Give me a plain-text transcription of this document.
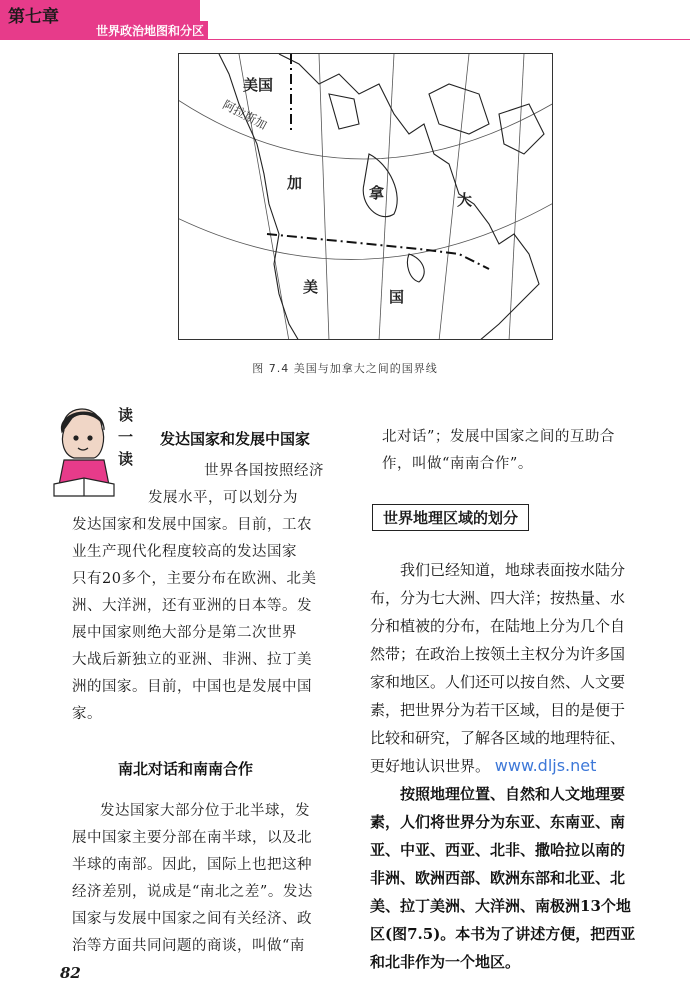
第七章
世界政治地图和分区
美国
阿拉斯加
加
拿	大
美
国
图 7.4 美国与加拿大之间的国界线
读
一
读
发达国家和发展中国家
世界各国按照经济
发展水平，可以划分为
发达国家和发展中国家。目前，工农
业生产现代化程度较高的发达国家
只有20多个，主要分布在欧洲、北美
洲、大洋洲，还有亚洲的日本等。发
展中国家则绝大部分是第二次世界
大战后新独立的亚洲、非洲、拉丁美
洲的国家。目前，中国也是发展中国
家。
南北对话和南南合作
发达国家大部分位于北半球，发
展中国家主要分部在南半球，以及北
半球的南部。因此，国际上也把这种
经济差别，说成是“南北之差”。发达
国家与发展中国家之间有关经济、政
治等方面共同问题的商谈，叫做“南
北对话”；发展中国家之间的互助合
作，叫做“南南合作”。
世界地理区域的划分
我们已经知道，地球表面按水陆分
布，分为七大洲、四大洋；按热量、水
分和植被的分布，在陆地上分为几个自
然带；在政治上按领土主权分为许多国
家和地区。人们还可以按自然、人文要
素，把世界分为若干区域，目的是便于
比较和研究，了解各区域的地理特征、
更好地认识世界。 www.dljs.net
按照地理位置、自然和人文地理要
素，人们将世界分为东亚、东南亚、南
亚、中亚、西亚、北非、撒哈拉以南的
非洲、欧洲西部、欧洲东部和北亚、北
美、拉丁美洲、大洋洲、南极洲13个地
区(图7.5)。本书为了讲述方便，把西亚
和北非作为一个地区。
82
